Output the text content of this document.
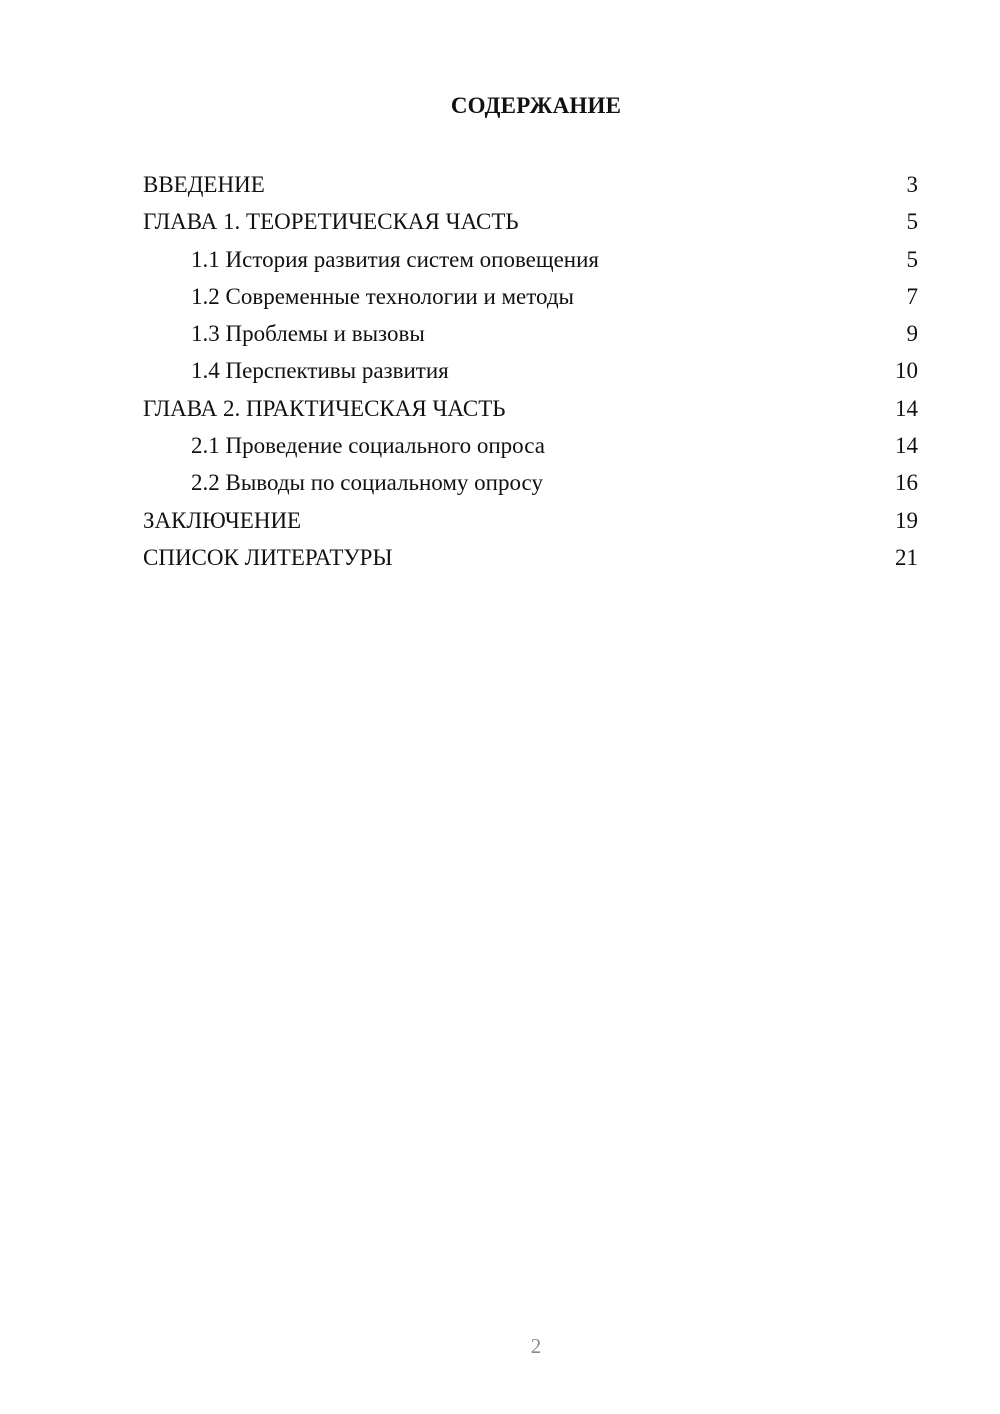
СОДЕРЖАНИЕ
ВВЕДЕНИЕ	3
ГЛАВА 1. ТЕОРЕТИЧЕСКАЯ ЧАСТЬ	5
1.1 История развития систем оповещения	5
1.2 Современные технологии и методы	7
1.3 Проблемы и вызовы	9
1.4 Перспективы развития	10
ГЛАВА 2. ПРАКТИЧЕСКАЯ ЧАСТЬ	14
2.1 Проведение социального опроса	14
2.2 Выводы по социальному опросу	16
ЗАКЛЮЧЕНИЕ	19
СПИСОК ЛИТЕРАТУРЫ	21
2
